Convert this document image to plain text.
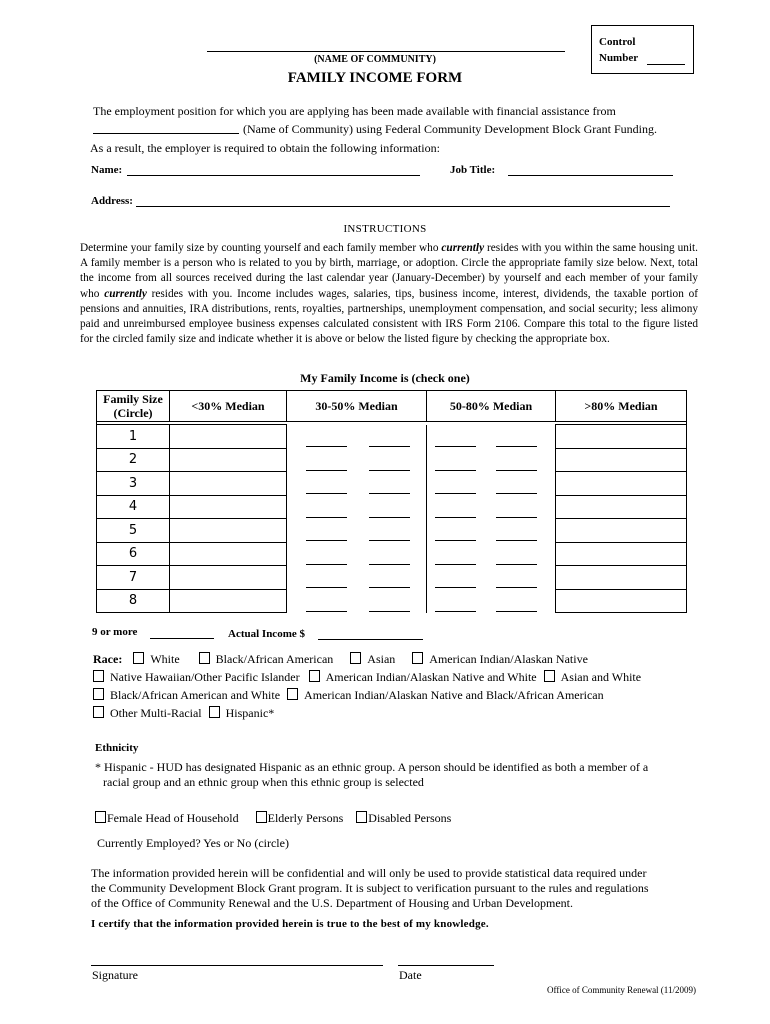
(NAME OF COMMUNITY)
FAMILY INCOME FORM
Control
Number
The employment position for which you are applying has been made available with financial assistance from
(Name of Community) using Federal Community Development Block Grant Funding.
As a result, the employer is required to obtain the following information:
Name:	Job Title:
Address:
INSTRUCTIONS
Determine your family size by counting yourself and each family member who currently resides with you within the same housing unit. A family member is a person who is related to you by birth, marriage, or adoption. Circle the appropriate family size below. Next, total the income from all sources received during the last calendar year (January-December) by yourself and each member of your family who currently resides with you. Income includes wages, salaries, tips, business income, interest, dividends, the taxable portion of pensions and annuities, IRA distributions, rents, royalties, partnerships, unemployment compensation, and social security; less alimony paid and unreimbursed employee business expenses calculated consistent with IRS Form 2106. Compare this total to the figure listed for the circled family size and indicate whether it is above or below the listed figure by checking the appropriate box.
My Family Income is (check one)
Family Size
(Circle)	<30% Median	30-50% Median	50-80% Median	>80% Median

1				
2				
3				
4				
5				
6				
7				
8				
9 or more	Actual Income $
Race: White	Black/African American	Asian	American Indian/Alaskan Native
Native Hawaiian/Other Pacific Islander American Indian/Alaskan Native and White Asian and White
Black/African American and White American Indian/Alaskan Native and Black/African American
Other Multi-Racial Hispanic*
Ethnicity
* Hispanic - HUD has designated Hispanic as an ethnic group. A person should be identified as both a member of a
racial group and an ethnic group when this ethnic group is selected
Female Head of Household Elderly Persons Disabled Persons
Currently Employed? Yes or No (circle)
The information provided herein will be confidential and will only be used to provide statistical data required under
the Community Development Block Grant program. It is subject to verification pursuant to the rules and regulations
of the Office of Community Renewal and the U.S. Department of Housing and Urban Development.
I certify that the information provided herein is true to the best of my knowledge.
Signature	Date
Office of Community Renewal (11/2009)
